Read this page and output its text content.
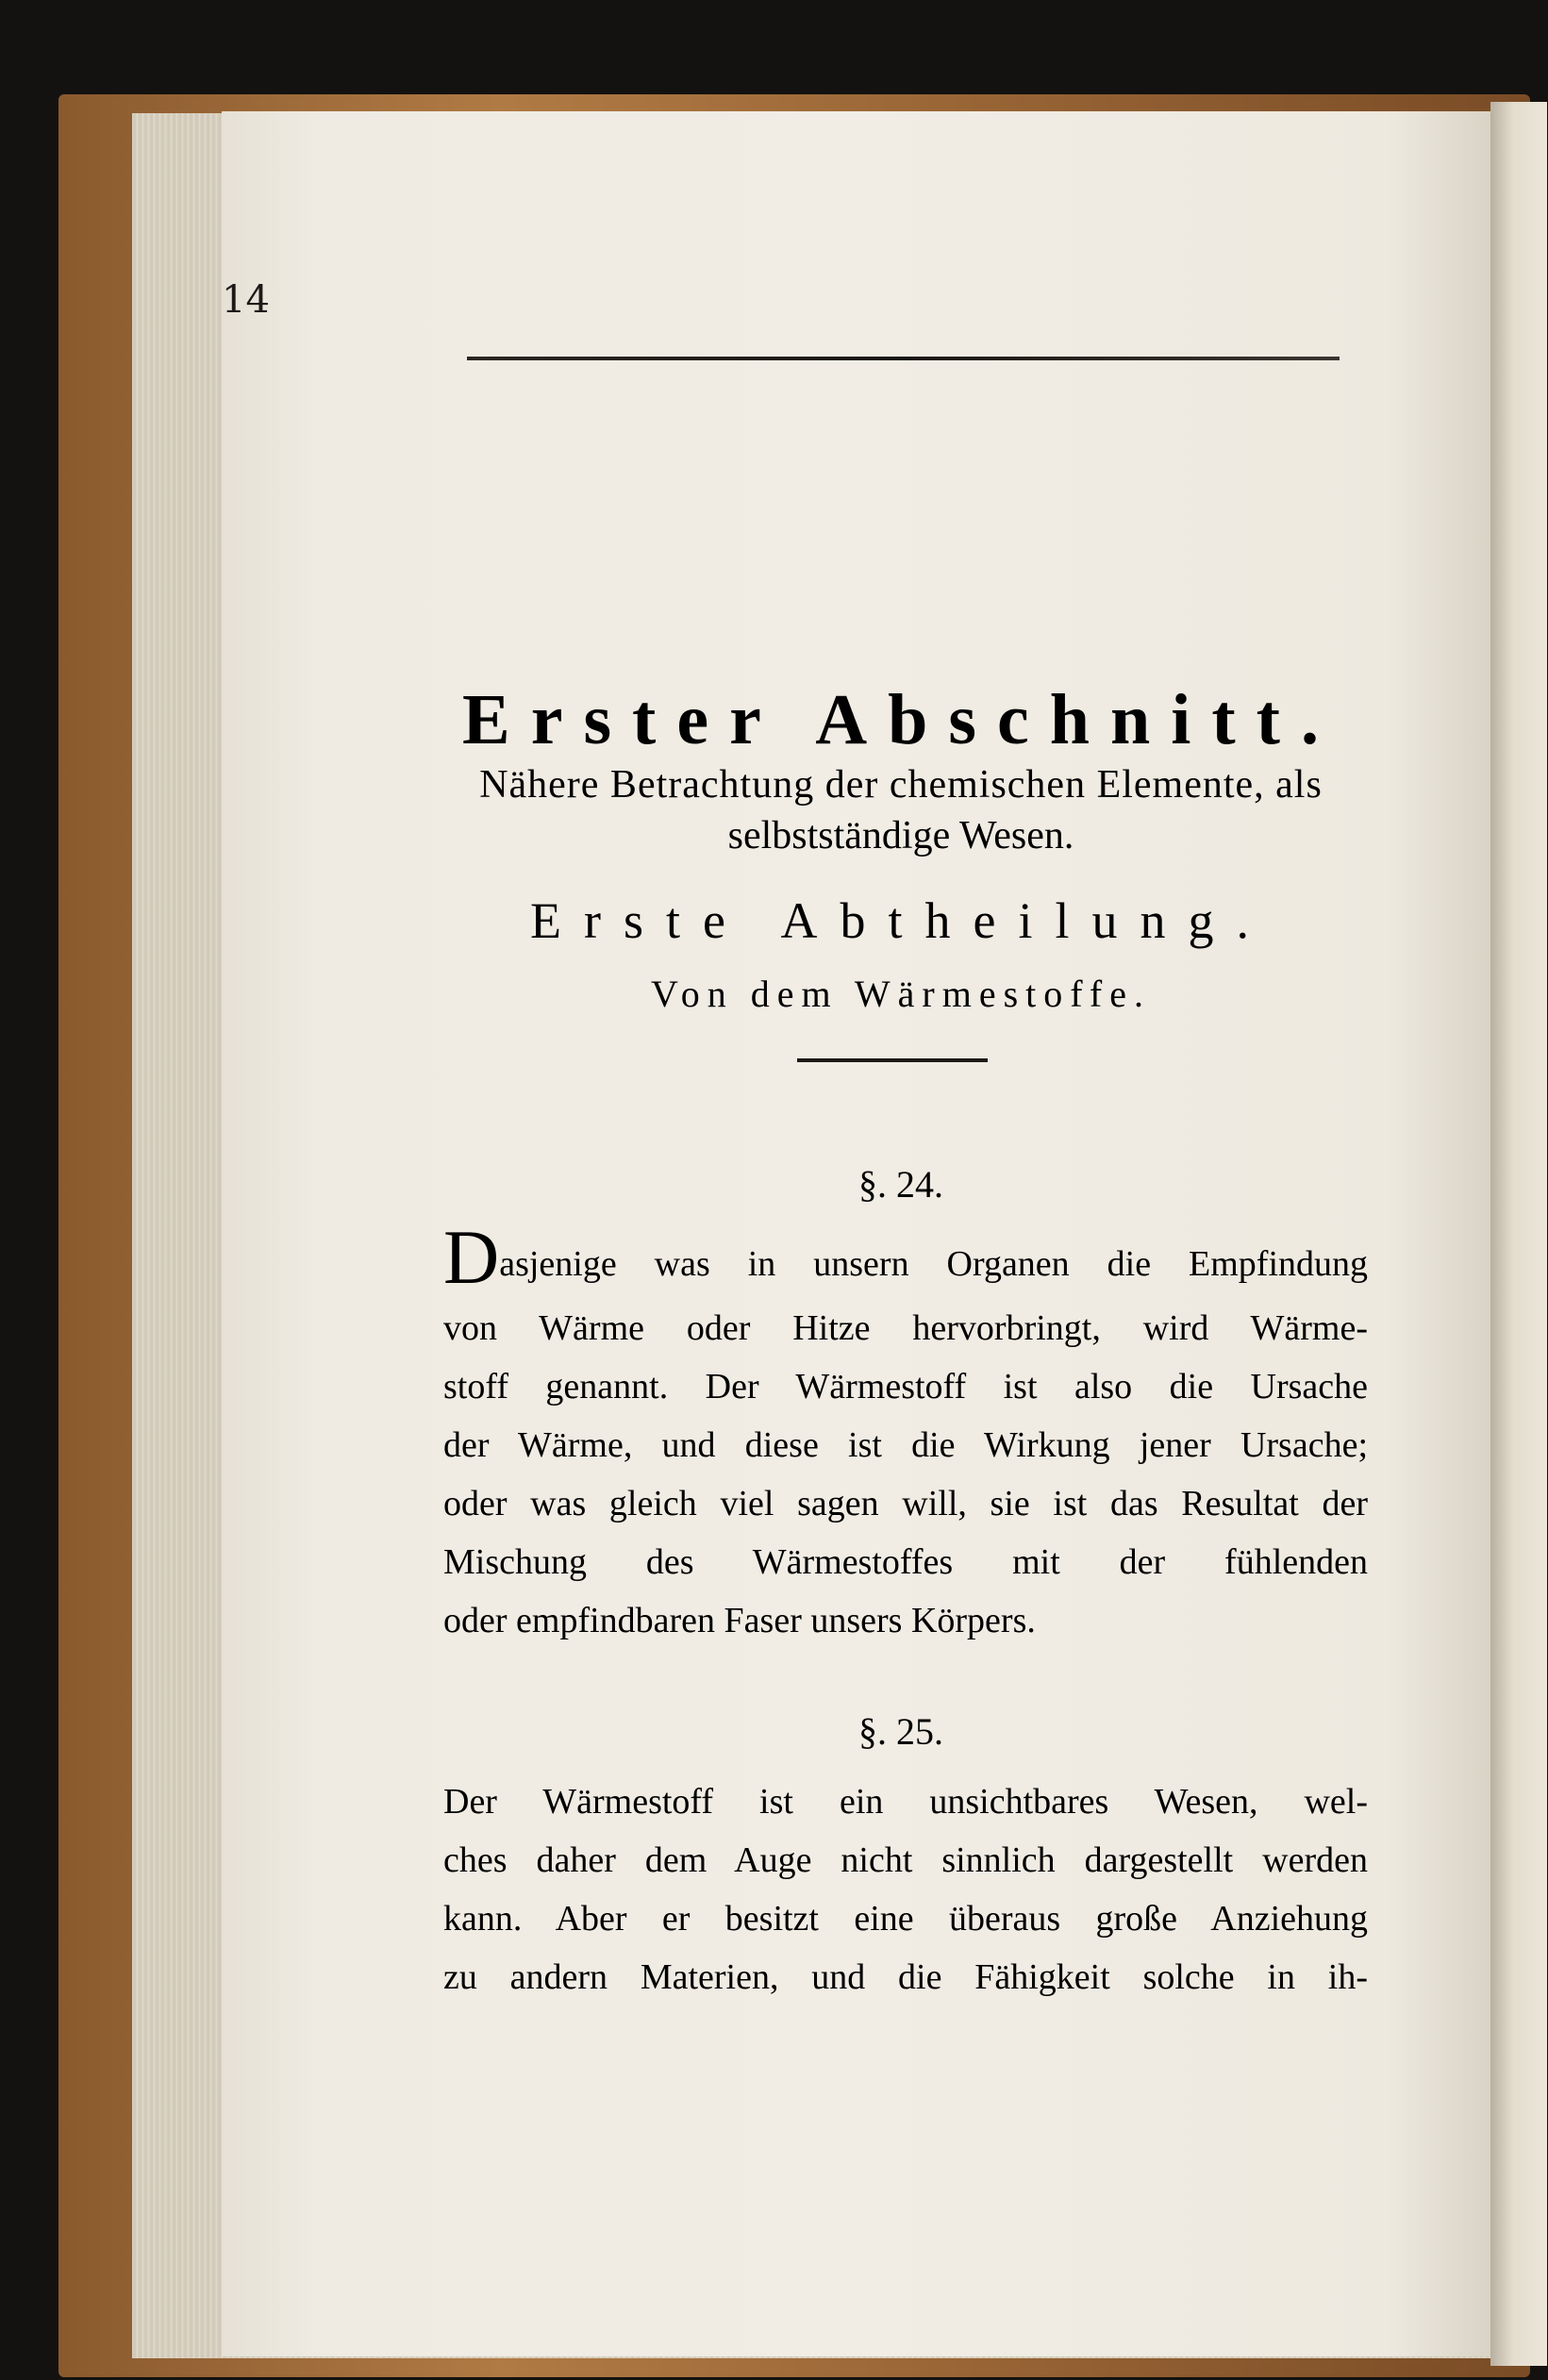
14
Erster Abschnitt.
Nähere Betrachtung der chemischen Elemente, als
selbstständige Wesen.
Erste Abtheilung.
Von dem Wärmestoffe.
§. 24.
Dasjenige was in unsern Organen die Empfindung
von Wärme oder Hitze hervorbringt, wird Wärme-
stoff genannt. Der Wärmestoff ist also die Ursache
der Wärme, und diese ist die Wirkung jener Ursache;
oder was gleich viel sagen will, sie ist das Resultat der
Mischung des Wärmestoffes mit der fühlenden
oder empfindbaren Faser unsers Körpers.
§. 25.
Der Wärmestoff ist ein unsichtbares Wesen, wel-
ches daher dem Auge nicht sinnlich dargestellt werden
kann. Aber er besitzt eine überaus große Anziehung
zu andern Materien, und die Fähigkeit solche in ih-
